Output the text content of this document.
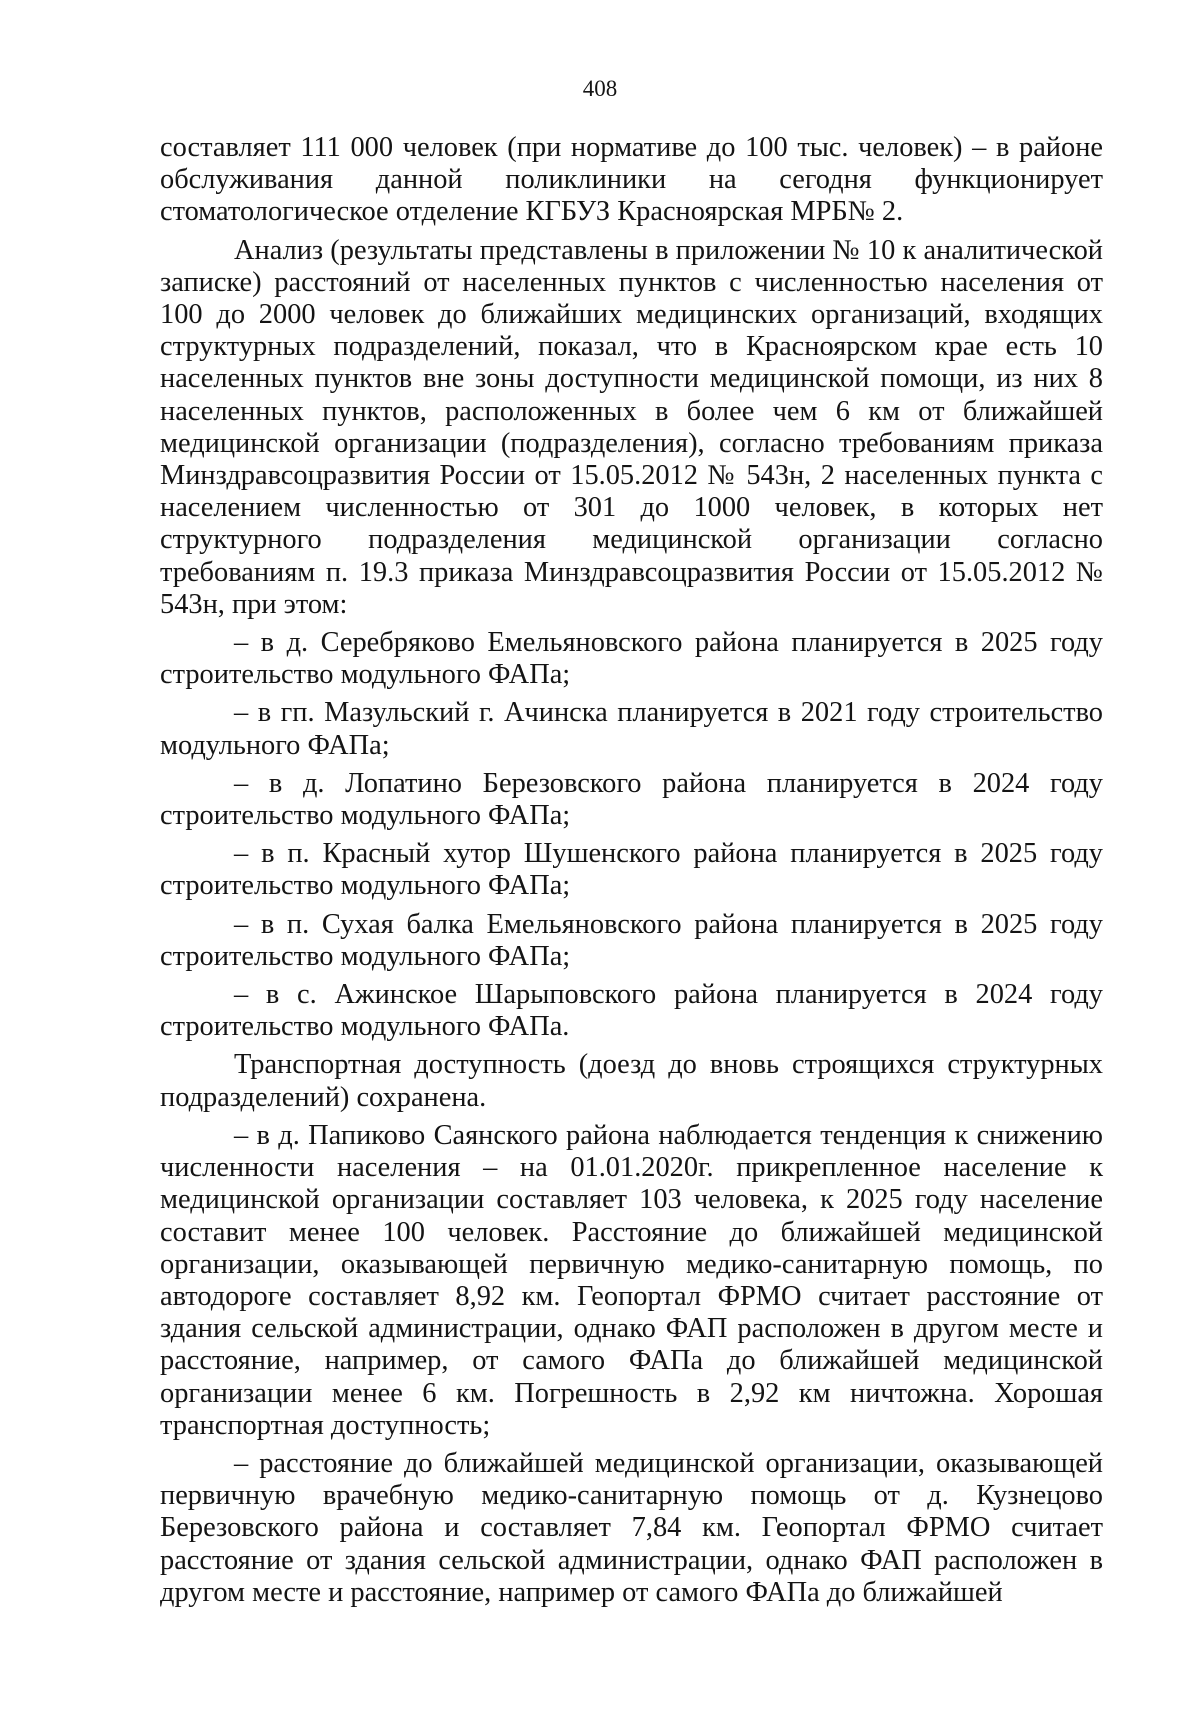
408

составляет 111 000 человек (при нормативе до 100 тыс. человек) – в районе обслуживания данной поликлиники на сегодня функционирует стоматологическое отделение КГБУЗ Красноярская МРБ№ 2.

Анализ (результаты представлены в приложении № 10 к аналитической записке) расстояний от населенных пунктов с численностью населения от 100 до 2000 человек до ближайших медицинских организаций, входящих структурных подразделений, показал, что в Красноярском крае есть 10 населенных пунктов вне зоны доступности медицинской помощи, из них 8 населенных пунктов, расположенных в более чем 6 км от ближайшей медицинской организации (подразделения), согласно требованиям приказа Минздравсоцразвития России от 15.05.2012 № 543н, 2 населенных пункта с населением численностью от 301 до 1000 человек, в которых нет структурного подразделения медицинской организации согласно требованиям п. 19.3 приказа Минздравсоцразвития России от 15.05.2012 № 543н, при этом:

– в д. Серебряково Емельяновского района планируется в 2025 году строительство модульного ФАПа;

– в гп. Мазульский г. Ачинска планируется в 2021 году строительство модульного ФАПа;

– в д. Лопатино Березовского района планируется в 2024 году строительство модульного ФАПа;

– в п. Красный хутор Шушенского района планируется в 2025 году строительство модульного ФАПа;

– в п. Сухая балка Емельяновского района планируется в 2025 году строительство модульного ФАПа;

– в с. Ажинское Шарыповского района планируется в 2024 году строительство модульного ФАПа.

Транспортная доступность (доезд до вновь строящихся структурных подразделений) сохранена.

– в д. Папиково Саянского района наблюдается тенденция к снижению численности населения – на 01.01.2020г. прикрепленное население к медицинской организации составляет 103 человека, к 2025 году население составит менее 100 человек. Расстояние до ближайшей медицинской организации, оказывающей первичную медико-санитарную помощь, по автодороге составляет 8,92 км. Геопортал ФРМО считает расстояние от здания сельской администрации, однако ФАП расположен в другом месте и расстояние, например, от самого ФАПа до ближайшей медицинской организации менее 6 км. Погрешность в 2,92 км ничтожна. Хорошая транспортная доступность;

– расстояние до ближайшей медицинской организации, оказывающей первичную врачебную медико-санитарную помощь от д. Кузнецово Березовского района и составляет 7,84 км. Геопортал ФРМО считает расстояние от здания сельской администрации, однако ФАП расположен в другом месте и расстояние, например от самого ФАПа до ближайшей
